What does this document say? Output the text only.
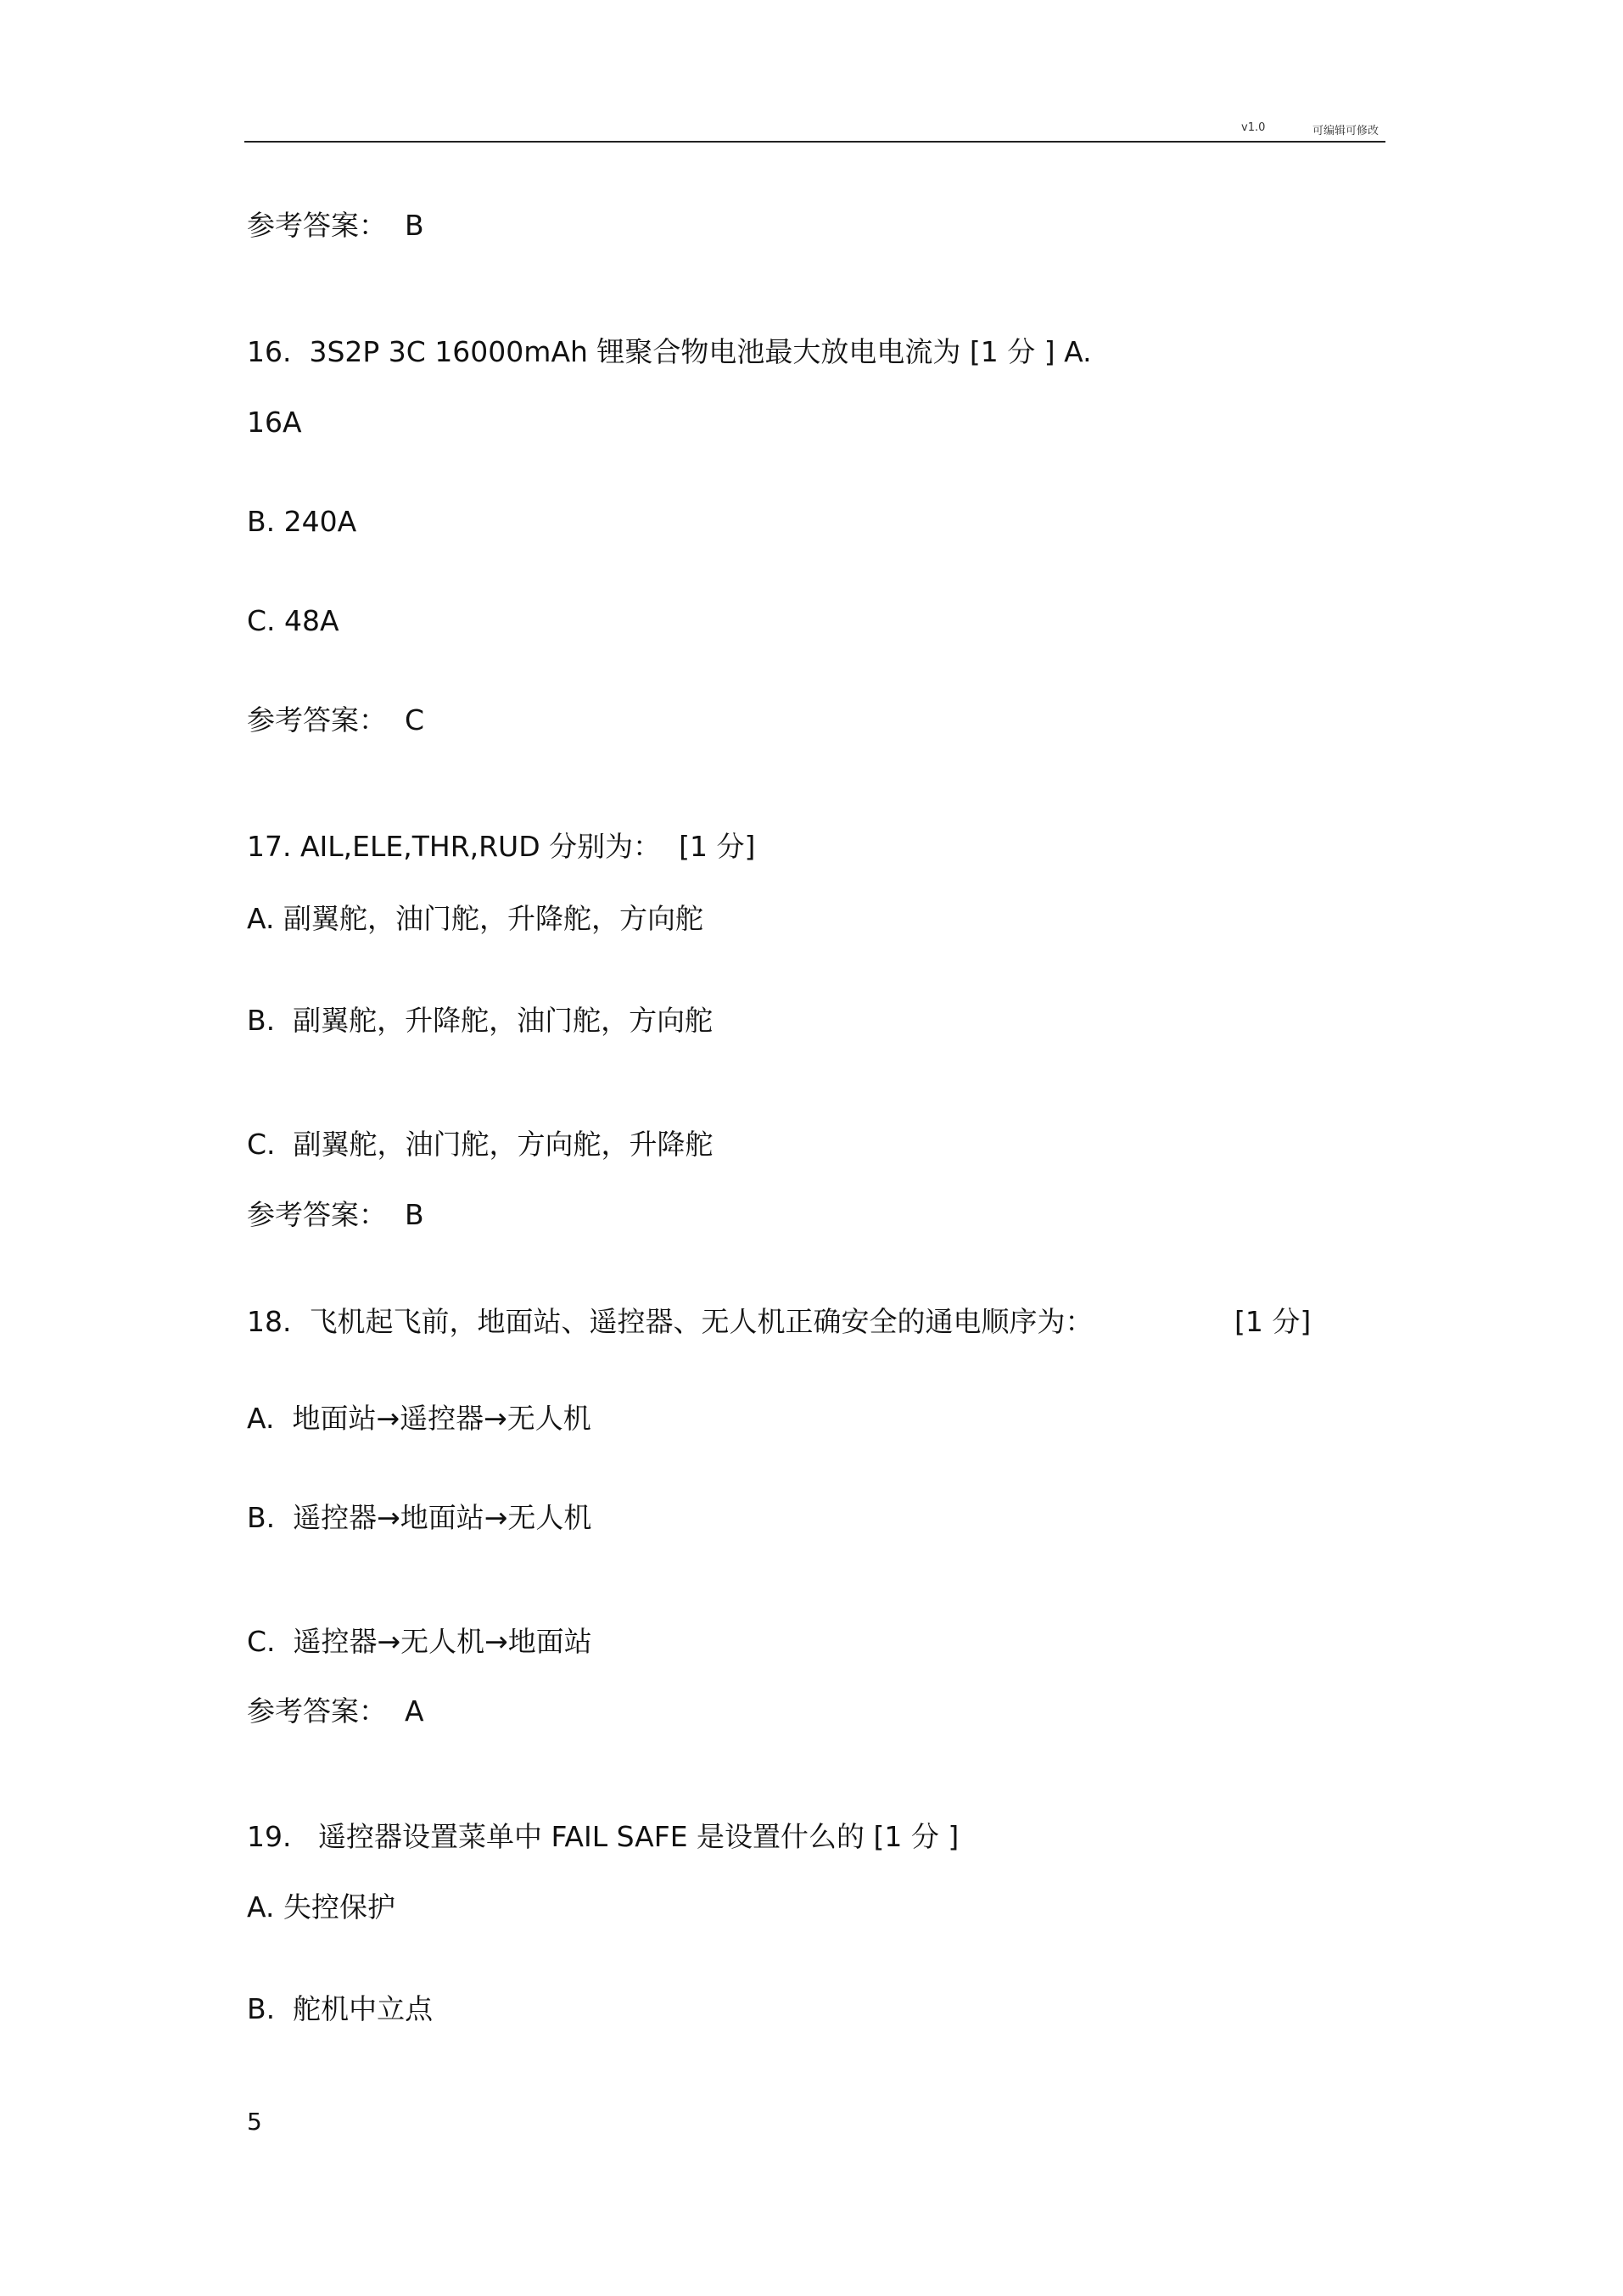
v1.0	可编辑可修改
参考答案：  B
16.  3S2P 3C 16000mAh 锂聚合物电池最大放电电流为 [1 分 ] A.
16A
B. 240A
C. 48A
参考答案：  C
17. AIL,ELE,THR,RUD 分别为：  [1 分]
A. 副翼舵，油门舵，升降舵，方向舵
B.  副翼舵，升降舵，油门舵，方向舵
C.  副翼舵，油门舵，方向舵，升降舵
参考答案：  B
18.  飞机起飞前，地面站、遥控器、无人机正确安全的通电顺序为：	[1 分]
A.  地面站→遥控器→无人机
B.  遥控器→地面站→无人机
C.  遥控器→无人机→地面站
参考答案：  A
19.   遥控器设置菜单中 FAIL SAFE 是设置什么的 [1 分 ]
A. 失控保护
B.  舵机中立点
5
